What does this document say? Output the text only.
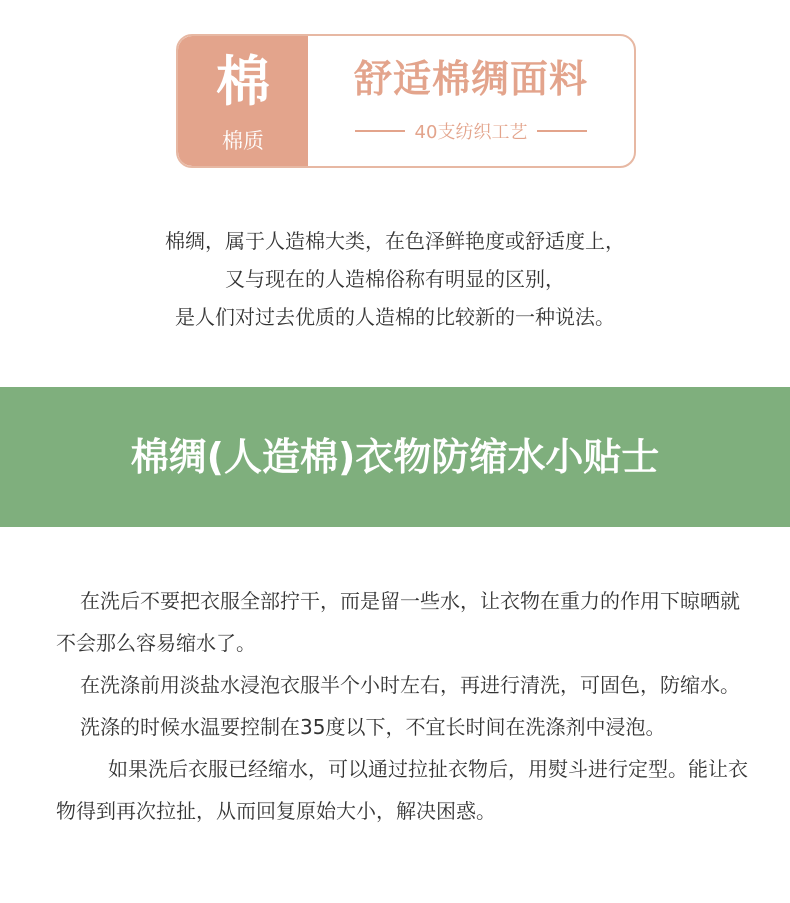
棉
棉质
舒适棉绸面料
40支纺织工艺

棉绸，属于人造棉大类，在色泽鲜艳度或舒适度上，

又与现在的人造棉俗称有明显的区别，

是人们对过去优质的人造棉的比较新的一种说法。

棉绸(人造棉)衣物防缩水小贴士

在洗后不要把衣服全部拧干，而是留一些水，让衣物在重力的作用下晾晒就不会那么容易缩水了。

在洗涤前用淡盐水浸泡衣服半个小时左右，再进行清洗，可固色，防缩水。

洗涤的时候水温要控制在35度以下，不宜长时间在洗涤剂中浸泡。

如果洗后衣服已经缩水，可以通过拉扯衣物后，用熨斗进行定型。能让衣物得到再次拉扯，从而回复原始大小，解决困惑。
